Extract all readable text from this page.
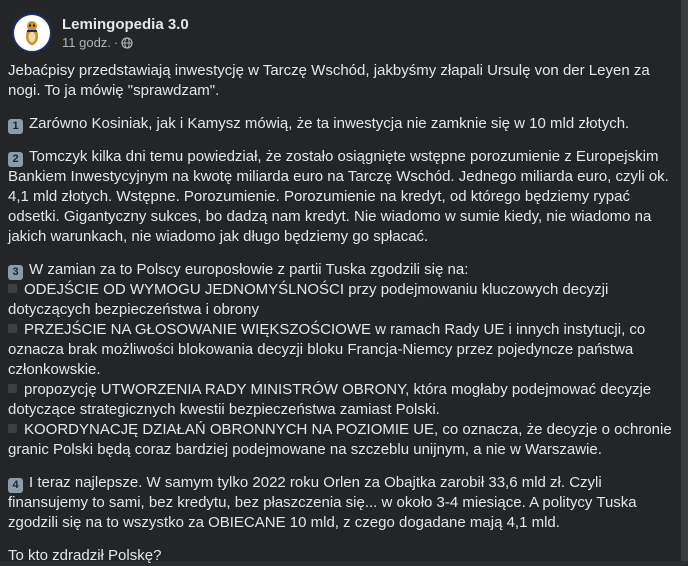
Lemingopedia 3.0
11 godz. ·

Jebaćpisy przedstawiają inwestycję w Tarczę Wschód, jakbyśmy złapali Ursulę von der Leyen za nogi. To ja mówię "sprawdzam".

1 Zarówno Kosiniak, jak i Kamysz mówią, że ta inwestycja nie zamknie się w 10 mld złotych.

2 Tomczyk kilka dni temu powiedział, że zostało osiągnięte wstępne porozumienie z Europejskim Bankiem Inwestycyjnym na kwotę miliarda euro na Tarczę Wschód. Jednego miliarda euro, czyli ok. 4,1 mld złotych. Wstępne. Porozumienie. Porozumienie na kredyt, od którego będziemy rypać odsetki. Gigantyczny sukces, bo dadzą nam kredyt. Nie wiadomo w sumie kiedy, nie wiadomo na jakich warunkach, nie wiadomo jak długo będziemy go spłacać.

3 W zamian za to Polscy europosłowie z partii Tuska zgodzili się na:

ODEJŚCIE OD WYMOGU JEDNOMYŚLNOŚCI przy podejmowaniu kluczowych decyzji dotyczących bezpieczeństwa i obrony

PRZEJŚCIE NA GŁOSOWANIE WIĘKSZOŚCIOWE w ramach Rady UE i innych instytucji, co oznacza brak możliwości blokowania decyzji bloku Francja-Niemcy przez pojedyncze państwa członkowskie.

propozycję UTWORZENIA RADY MINISTRÓW OBRONY, która mogłaby podejmować decyzje dotyczące strategicznych kwestii bezpieczeństwa zamiast Polski.

KOORDYNACJĘ DZIAŁAŃ OBRONNYCH NA POZIOMIE UE, co oznacza, że decyzje o ochronie granic Polski będą coraz bardziej podejmowane na szczeblu unijnym, a nie w Warszawie.

4 I teraz najlepsze. W samym tylko 2022 roku Orlen za Obajtka zarobił 33,6 mld zł. Czyli finansujemy to sami, bez kredytu, bez płaszczenia się... w około 3-4 miesiące. A politycy Tuska zgodzili się na to wszystko za OBIECANE 10 mld, z czego dogadane mają 4,1 mld.

To kto zdradził Polskę?
